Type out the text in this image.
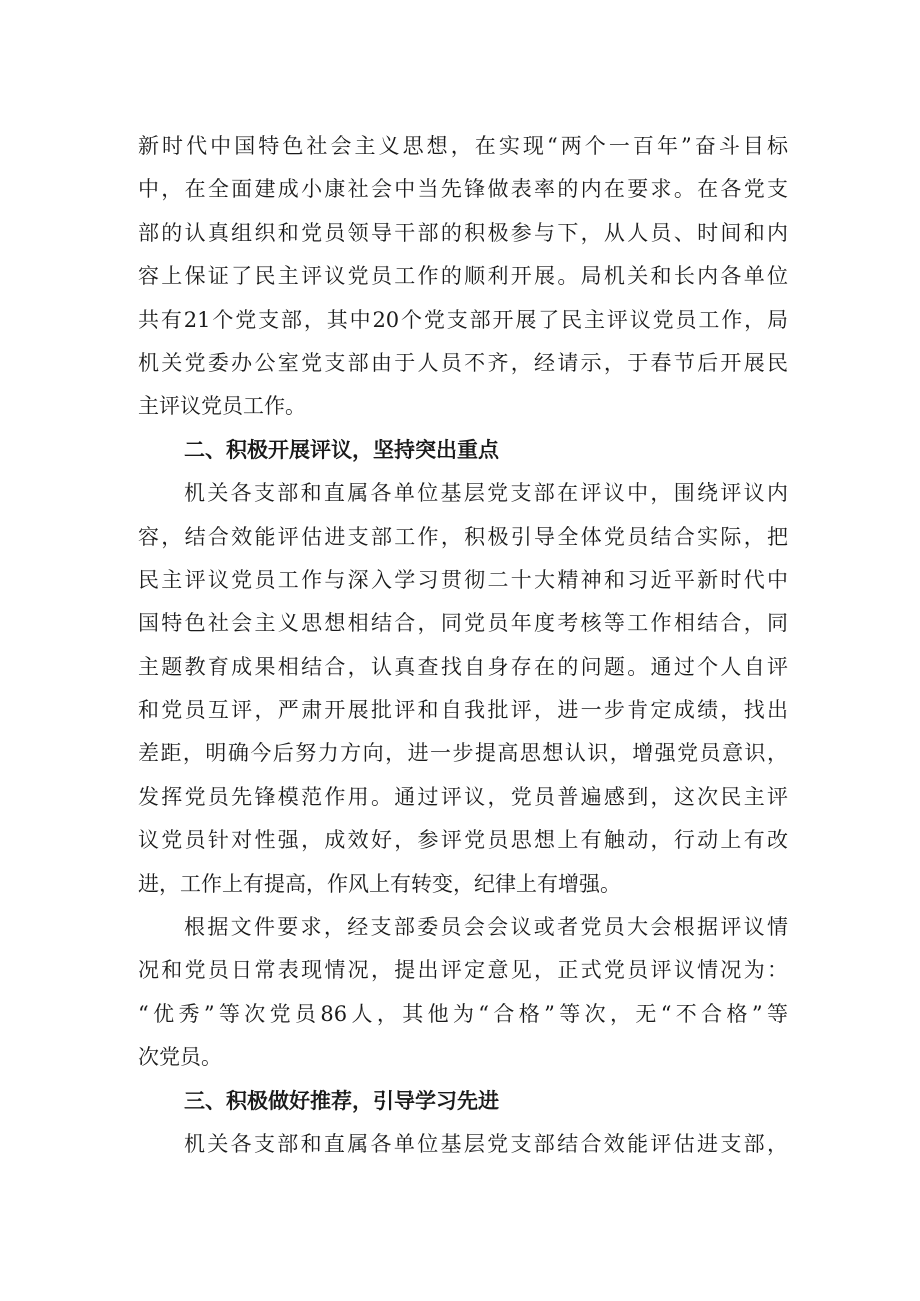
新时代中国特色社会主义思想，在实现“两个一百年”奋斗目标
中，在全面建成小康社会中当先锋做表率的内在要求。在各党支
部的认真组织和党员领导干部的积极参与下，从人员、时间和内
容上保证了民主评议党员工作的顺利开展。局机关和长内各单位
共有21个党支部，其中20个党支部开展了民主评议党员工作，局
机关党委办公室党支部由于人员不齐，经请示，于春节后开展民
主评议党员工作。
二、积极开展评议，坚持突出重点
机关各支部和直属各单位基层党支部在评议中，围绕评议内
容，结合效能评估进支部工作，积极引导全体党员结合实际，把
民主评议党员工作与深入学习贯彻二十大精神和习近平新时代中
国特色社会主义思想相结合，同党员年度考核等工作相结合，同
主题教育成果相结合，认真查找自身存在的问题。通过个人自评
和党员互评，严肃开展批评和自我批评，进一步肯定成绩，找出
差距，明确今后努力方向，进一步提高思想认识，增强党员意识，
发挥党员先锋模范作用。通过评议，党员普遍感到，这次民主评
议党员针对性强，成效好，参评党员思想上有触动，行动上有改
进，工作上有提高，作风上有转变，纪律上有增强。
根据文件要求，经支部委员会会议或者党员大会根据评议情
况和党员日常表现情况，提出评定意见，正式党员评议情况为：
“优秀”等次党员86人，其他为“合格”等次，无“不合格”等
次党员。
三、积极做好推荐，引导学习先进
机关各支部和直属各单位基层党支部结合效能评估进支部，
